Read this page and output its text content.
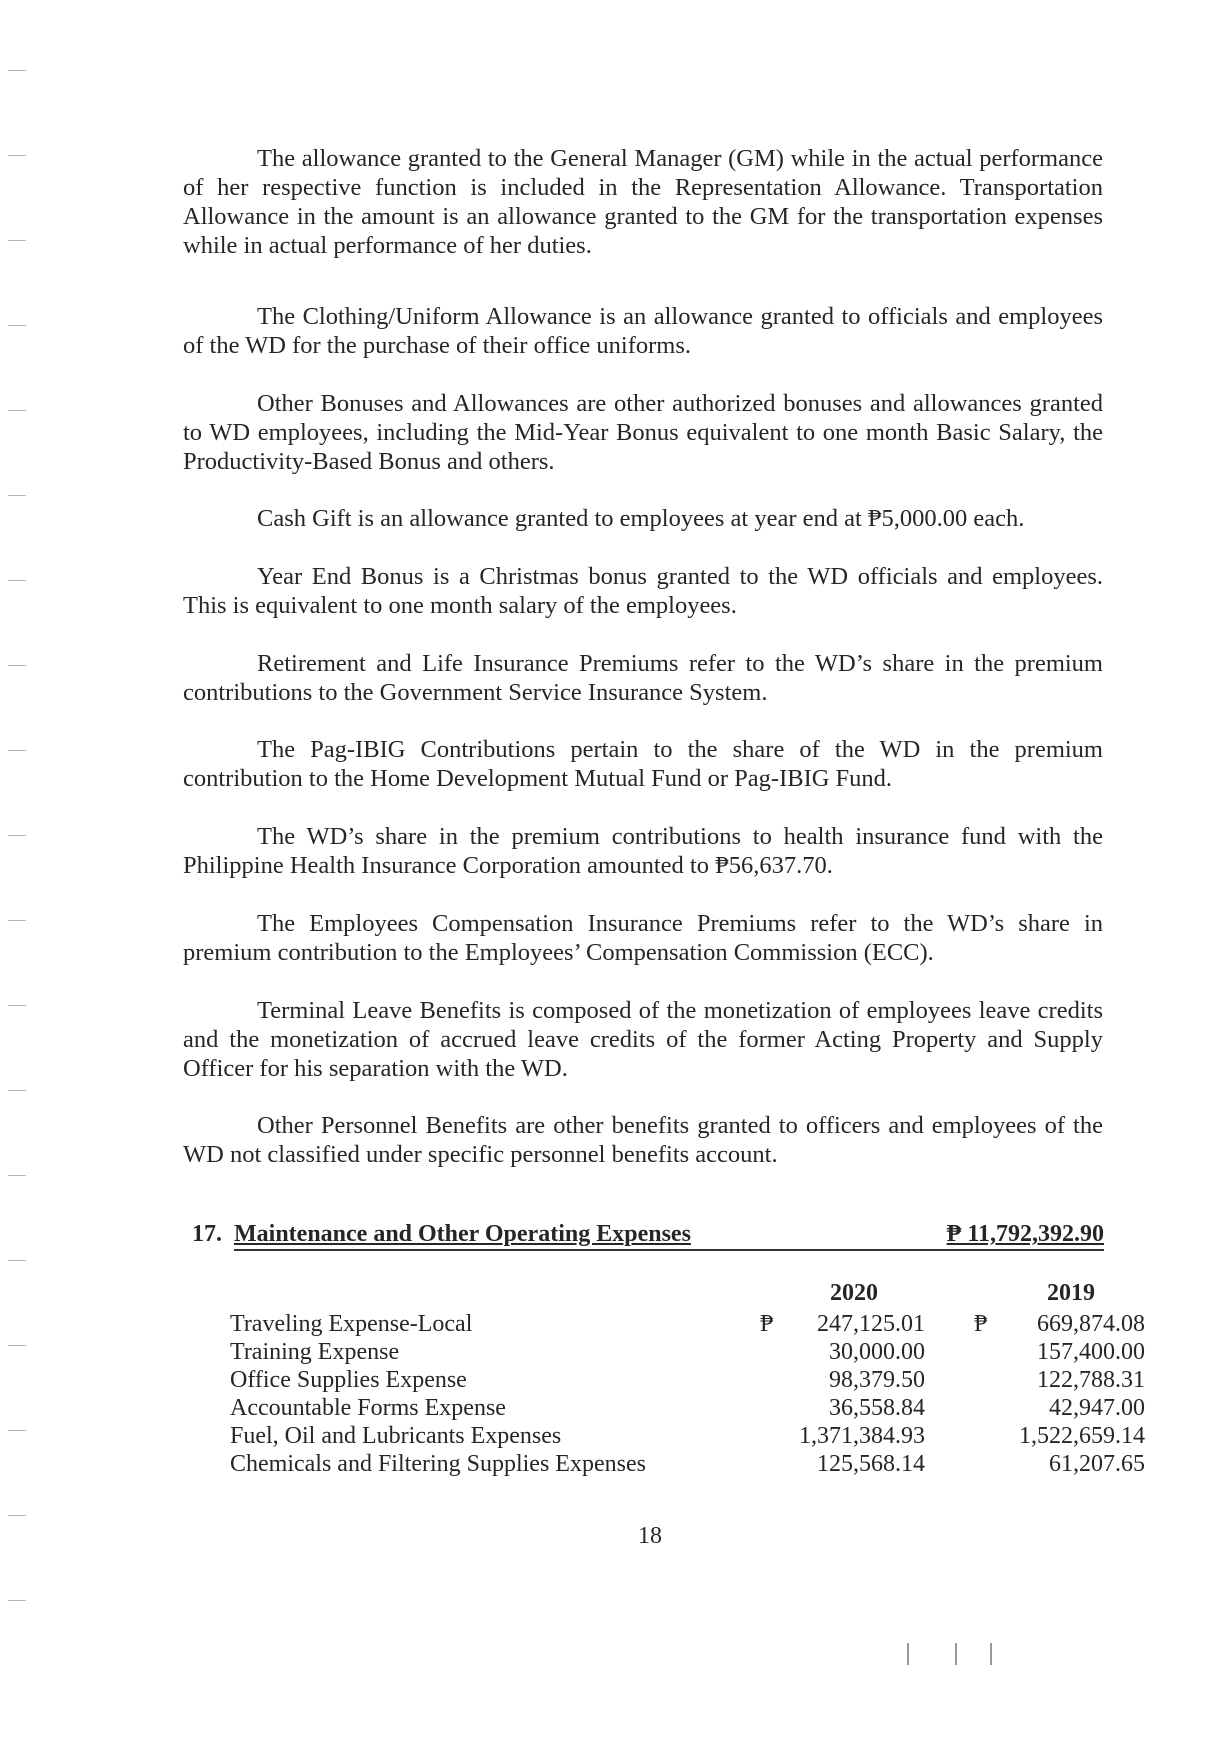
The allowance granted to the General Manager (GM) while in the actual performance of her respective function is included in the Representation Allowance. Transportation Allowance in the amount is an allowance granted to the GM for the transportation expenses while in actual performance of her duties.

The Clothing/Uniform Allowance is an allowance granted to officials and employees of the WD for the purchase of their office uniforms.

Other Bonuses and Allowances are other authorized bonuses and allowances granted to WD employees, including the Mid-Year Bonus equivalent to one month Basic Salary, the Productivity-Based Bonus and others.

Cash Gift is an allowance granted to employees at year end at ₱5,000.00 each.

Year End Bonus is a Christmas bonus granted to the WD officials and employees. This is equivalent to one month salary of the employees.

Retirement and Life Insurance Premiums refer to the WD’s share in the premium contributions to the Government Service Insurance System.

The Pag-IBIG Contributions pertain to the share of the WD in the premium contribution to the Home Development Mutual Fund or Pag-IBIG Fund.

The WD’s share in the premium contributions to health insurance fund with the Philippine Health Insurance Corporation amounted to ₱56,637.70.

The Employees Compensation Insurance Premiums refer to the WD’s share in premium contribution to the Employees’ Compensation Commission (ECC).

Terminal Leave Benefits is composed of the monetization of employees leave credits and the monetization of accrued leave credits of the former Acting Property and Supply Officer for his separation with the WD.

Other Personnel Benefits are other benefits granted to officers and employees of the WD not classified under specific personnel benefits account.

17. Maintenance and Other Operating Expenses	₱ 11,792,392.90
2020	2019
Traveling Expense-Local	₱ 247,125.01 ₱ 669,874.08
Training Expense	30,000.00	157,400.00
Office Supplies Expense	98,379.50	122,788.31
Accountable Forms Expense	36,558.84	42,947.00
Fuel, Oil and Lubricants Expenses	1,371,384.93	1,522,659.14
Chemicals and Filtering Supplies Expenses	125,568.14	61,207.65
18
